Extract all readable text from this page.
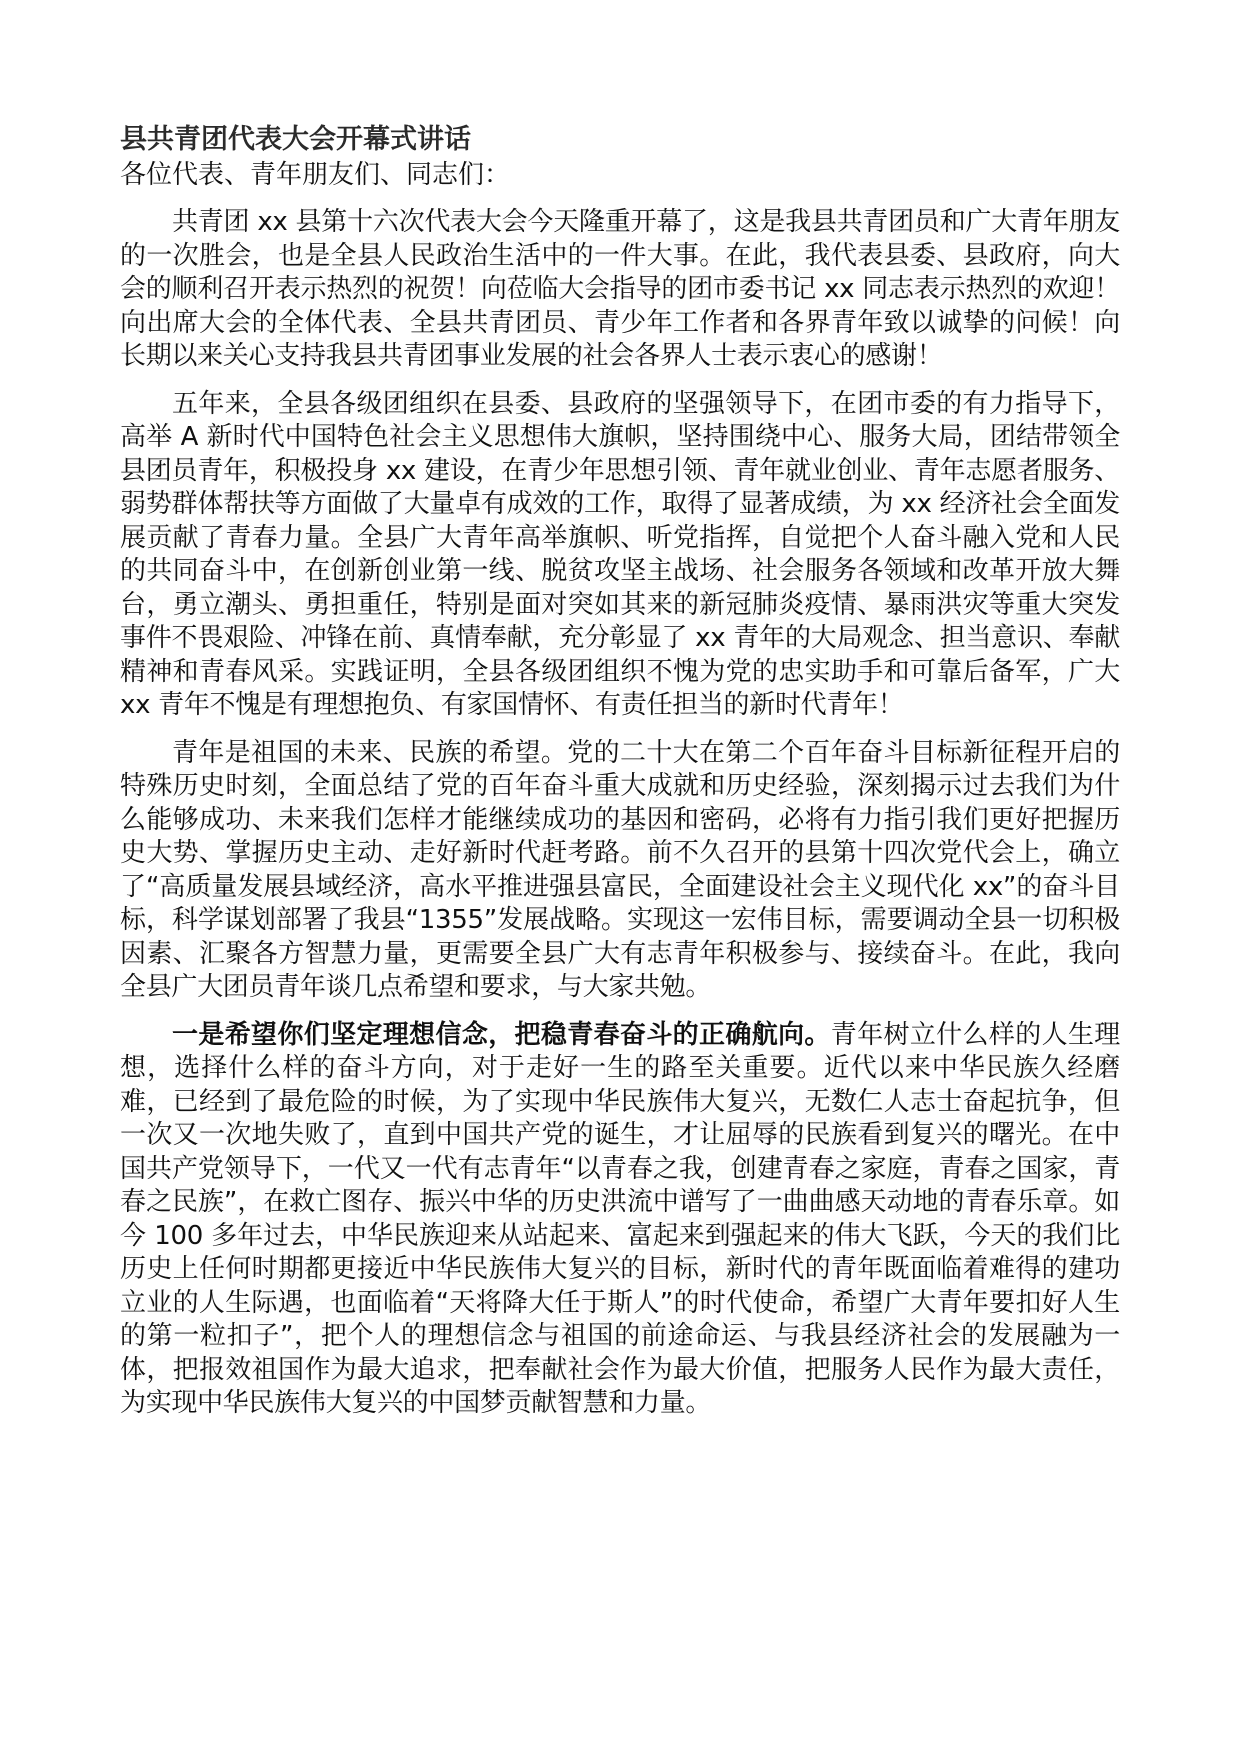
县共青团代表大会开幕式讲话

各位代表、青年朋友们、同志们：

共青团 xx 县第十六次代表大会今天隆重开幕了，这是我县共青团员和广大青年朋友的一次胜会，也是全县人民政治生活中的一件大事。在此，我代表县委、县政府，向大会的顺利召开表示热烈的祝贺！向莅临大会指导的团市委书记 xx 同志表示热烈的欢迎！向出席大会的全体代表、全县共青团员、青少年工作者和各界青年致以诚挚的问候！向长期以来关心支持我县共青团事业发展的社会各界人士表示衷心的感谢！

五年来，全县各级团组织在县委、县政府的坚强领导下，在团市委的有力指导下，高举 A 新时代中国特色社会主义思想伟大旗帜，坚持围绕中心、服务大局，团结带领全县团员青年，积极投身 xx 建设，在青少年思想引领、青年就业创业、青年志愿者服务、弱势群体帮扶等方面做了大量卓有成效的工作，取得了显著成绩，为 xx 经济社会全面发展贡献了青春力量。全县广大青年高举旗帜、听党指挥，自觉把个人奋斗融入党和人民的共同奋斗中，在创新创业第一线、脱贫攻坚主战场、社会服务各领域和改革开放大舞台，勇立潮头、勇担重任，特别是面对突如其来的新冠肺炎疫情、暴雨洪灾等重大突发事件不畏艰险、冲锋在前、真情奉献，充分彰显了 xx 青年的大局观念、担当意识、奉献精神和青春风采。实践证明，全县各级团组织不愧为党的忠实助手和可靠后备军，广大 xx 青年不愧是有理想抱负、有家国情怀、有责任担当的新时代青年！

青年是祖国的未来、民族的希望。党的二十大在第二个百年奋斗目标新征程开启的特殊历史时刻，全面总结了党的百年奋斗重大成就和历史经验，深刻揭示过去我们为什么能够成功、未来我们怎样才能继续成功的基因和密码，必将有力指引我们更好把握历史大势、掌握历史主动、走好新时代赶考路。前不久召开的县第十四次党代会上，确立了“高质量发展县域经济，高水平推进强县富民，全面建设社会主义现代化 xx”的奋斗目标，科学谋划部署了我县“1355”发展战略。实现这一宏伟目标，需要调动全县一切积极因素、汇聚各方智慧力量，更需要全县广大有志青年积极参与、接续奋斗。在此，我向全县广大团员青年谈几点希望和要求，与大家共勉。

一是希望你们坚定理想信念，把稳青春奋斗的正确航向。青年树立什么样的人生理想，选择什么样的奋斗方向，对于走好一生的路至关重要。近代以来中华民族久经磨难，已经到了最危险的时候，为了实现中华民族伟大复兴，无数仁人志士奋起抗争，但一次又一次地失败了，直到中国共产党的诞生，才让屈辱的民族看到复兴的曙光。在中国共产党领导下，一代又一代有志青年“以青春之我，创建青春之家庭，青春之国家，青春之民族”，在救亡图存、振兴中华的历史洪流中谱写了一曲曲感天动地的青春乐章。如今 100 多年过去，中华民族迎来从站起来、富起来到强起来的伟大飞跃，今天的我们比历史上任何时期都更接近中华民族伟大复兴的目标，新时代的青年既面临着难得的建功立业的人生际遇，也面临着“天将降大任于斯人”的时代使命，希望广大青年要扣好人生的第一粒扣子”，把个人的理想信念与祖国的前途命运、与我县经济社会的发展融为一体，把报效祖国作为最大追求，把奉献社会作为最大价值，把服务人民作为最大责任，为实现中华民族伟大复兴的中国梦贡献智慧和力量。
